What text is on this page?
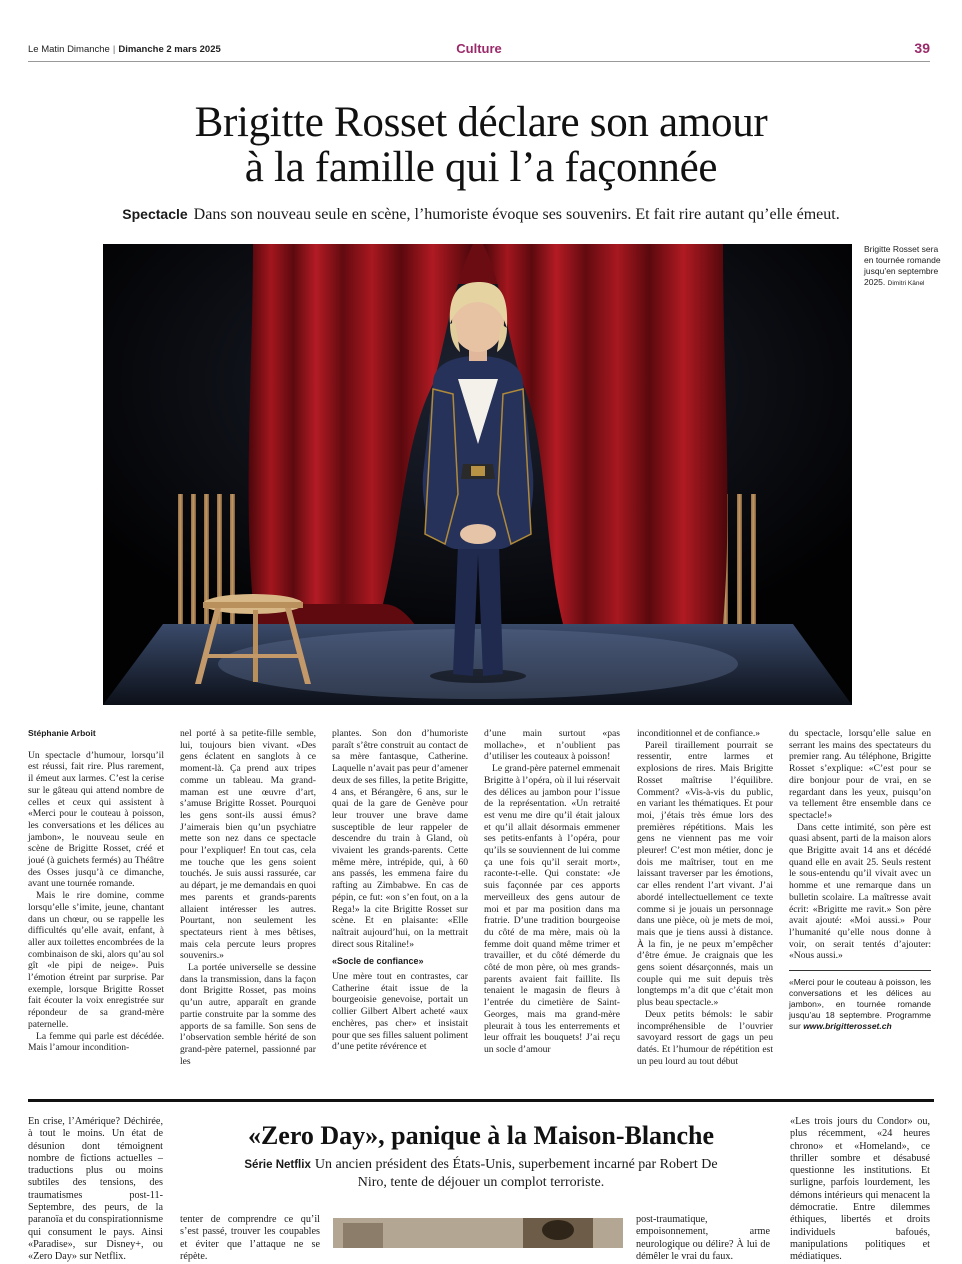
Le Matin Dimanche | Dimanche 2 mars 2025	Culture	39
Brigitte Rosset déclare son amour
à la famille qui l’a façonnée
Spectacle Dans son nouveau seule en scène, l’humoriste évoque ses souvenirs. Et fait rire autant qu’elle émeut.
Brigitte Rosset sera en tournée romande jusqu’en septembre 2025. Dimitri Känel
Stéphanie Arboit

Un spectacle d’humour, lorsqu’il est réussi, fait rire. Plus rarement, il émeut aux larmes. C’est la cerise sur le gâteau qui attend nombre de celles et ceux qui assistent à «Merci pour le couteau à poisson, les conversations et les délices au jambon», le nouveau seule en scène de Brigitte Rosset, créé et joué (à guichets fermés) au Théâtre des Osses jusqu’à ce dimanche, avant une tournée romande.

Mais le rire domine, comme lorsqu’elle s’imite, jeune, chantant dans un chœur, ou se rappelle les difficultés qu’elle avait, enfant, à aller aux toilettes encombrées de la combinaison de ski, alors qu’au sol gît «le pipi de neige». Puis l’émotion étreint par surprise. Par exemple, lorsque Brigitte Rosset fait écouter la voix enregistrée sur répondeur de sa grand-mère paternelle.

La femme qui parle est décédée. Mais l’amour incondition-

nel porté à sa petite-fille semble, lui, toujours bien vivant. «Des gens éclatent en sanglots à ce moment-là. Ça prend aux tripes comme un tableau. Ma grand-maman est une œuvre d’art, s’amuse Brigitte Rosset. Pourquoi les gens sont-ils aussi émus? J’aimerais bien qu’un psychiatre mette son nez dans ce spectacle pour l’expliquer! En tout cas, cela me touche que les gens soient touchés. Je suis aussi rassurée, car au départ, je me demandais en quoi mes parents et grands-parents allaient intéresser les autres. Pourtant, non seulement les spectateurs rient à mes bêtises, mais cela percute leurs propres souvenirs.»

La portée universelle se dessine dans la transmission, dans la façon dont Brigitte Rosset, pas moins qu’un autre, apparaît en grande partie construite par la somme des apports de sa famille. Son sens de l’observation semble hérité de son grand-père paternel, passionné par les

plantes. Son don d’humoriste paraît s’être construit au contact de sa mère fantasque, Catherine. Laquelle n’avait pas peur d’amener deux de ses filles, la petite Brigitte, 4 ans, et Bérangère, 6 ans, sur le quai de la gare de Genève pour leur trouver une brave dame susceptible de leur rappeler de descendre du train à Gland, où vivaient les grands-parents. Cette même mère, intrépide, qui, à 60 ans passés, les emmena faire du rafting au Zimbabwe. En cas de pépin, ce fut: «on s’en fout, on a la Rega!» la cite Brigitte Rosset sur scène. Et en plaisante: «Elle naîtrait aujourd’hui, on la mettrait direct sous Ritaline!»

«Socle de confiance»

Une mère tout en contrastes, car Catherine était issue de la bourgeoisie genevoise, portait un collier Gilbert Albert acheté «aux enchères, pas cher» et insistait pour que ses filles saluent poliment d’une petite révérence et

d’une main surtout «pas mollache», et n’oublient pas d’utiliser les couteaux à poisson!

Le grand-père paternel emmenait Brigitte à l’opéra, où il lui réservait des délices au jambon pour l’issue de la représentation. «Un retraité est venu me dire qu’il était jaloux et qu’il allait désormais emmener ses petits-enfants à l’opéra, pour qu’ils se souviennent de lui comme ça une fois qu’il serait mort», raconte-t-elle. Qui constate: «Je suis façonnée par ces apports merveilleux des gens autour de moi et par ma position dans ma fratrie. D’une tradition bourgeoise du côté de ma mère, mais où la femme doit quand même trimer et travailler, et du côté démerde du côté de mon père, où mes grands-parents avaient fait faillite. Ils tenaient le magasin de fleurs à l’entrée du cimetière de Saint-Georges, mais ma grand-mère pleurait à tous les enterrements et leur offrait les bouquets! J’ai reçu un socle d’amour

inconditionnel et de confiance.»

Pareil tiraillement pourrait se ressentir, entre larmes et explosions de rires. Mais Brigitte Rosset maîtrise l’équilibre. Comment? «Vis-à-vis du public, en variant les thématiques. Et pour moi, j’étais très émue lors des premières répétitions. Mais les gens ne viennent pas me voir pleurer! C’est mon métier, donc je dois me maîtriser, tout en me laissant traverser par les émotions, car elles rendent l’art vivant. J’ai abordé intellectuellement ce texte comme si je jouais un personnage dans une pièce, où je mets de moi, mais que je tiens aussi à distance. À la fin, je ne peux m’empêcher d’être émue. Je craignais que les gens soient désarçonnés, mais un couple qui me suit depuis très longtemps m’a dit que c’était mon plus beau spectacle.»

Deux petits bémols: le sabir incompréhensible de l’ouvrier savoyard ressort de gags un peu datés. Et l’humour de répétition est un peu lourd au tout début

du spectacle, lorsqu’elle salue en serrant les mains des spectateurs du premier rang. Au téléphone, Brigitte Rosset s’explique: «C’est pour se dire bonjour pour de vrai, en se regardant dans les yeux, puisqu’on va tellement être ensemble dans ce spectacle!»

Dans cette intimité, son père est quasi absent, parti de la maison alors que Brigitte avait 14 ans et décédé quand elle en avait 25. Seuls restent le sous-entendu qu’il vivait avec un homme et une remarque dans un bulletin scolaire. La maîtresse avait écrit: «Brigitte me ravit.» Son père avait ajouté: «Moi aussi.» Pour l’humanité qu’elle nous donne à voir, on serait tentés d’ajouter: «Nous aussi.»

«Merci pour le couteau à poisson, les conversations et les délices au jambon», en tournée romande jusqu’au 18 septembre. Programme sur www.brigitterosset.ch
En crise, l’Amérique? Déchirée, à tout le moins. Un état de désunion dont témoignent nombre de fictions actuelles – traductions plus ou moins subtiles des tensions, des traumatismes post-11-Septembre, des peurs, de la paranoïa et du conspirationnisme qui consument le pays. Ainsi «Paradise», sur Disney+, ou «Zero Day» sur Netflix.
«Zero Day», panique à la Maison-Blanche
Série Netflix Un ancien président des États-Unis, superbement incarné par Robert De Niro, tente de déjouer un complot terroriste.
tenter de comprendre ce qu’il s’est passé, trouver les coupables et éviter que l’attaque ne se répète.
post-traumatique, empoisonnement, arme neurologique ou délire? À lui de démêler le vrai du faux.
«Les trois jours du Condor» ou, plus récemment, «24 heures chrono» et «Homeland», ce thriller sombre et désabusé questionne les institutions. Et surligne, parfois lourdement, les démons intérieurs qui menacent la démocratie. Entre dilemmes éthiques, libertés et droits individuels bafoués, manipulations politiques et médiatiques.
